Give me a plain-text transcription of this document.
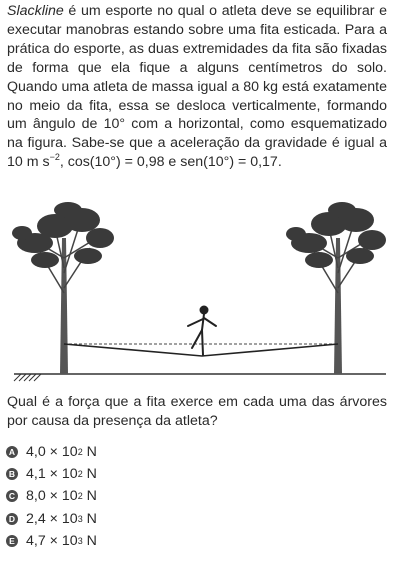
Slackline é um esporte no qual o atleta deve se equilibrar e executar manobras estando sobre uma fita esticada. Para a prática do esporte, as duas extremidades da fita são fixadas de forma que ela fique a alguns centímetros do solo. Quando uma atleta de massa igual a 80 kg está exatamente no meio da fita, essa se desloca verticalmente, formando um ângulo de 10° com a horizontal, como esquematizado na figura. Sabe-se que a aceleração da gravidade é igual a 10 m $s^{-2}$, cos(10°) = 0,98 e sen(10°) = 0,17.

Qual é a força que a fita exerce em cada uma das árvores por causa da presença da atleta?
A 4,0 × 10 2 N
B 4,1 × 10 2 N
C 8,0 × 10 2 N
D 2,4 × 10 3 N
E 4,7 × 10 3 N
